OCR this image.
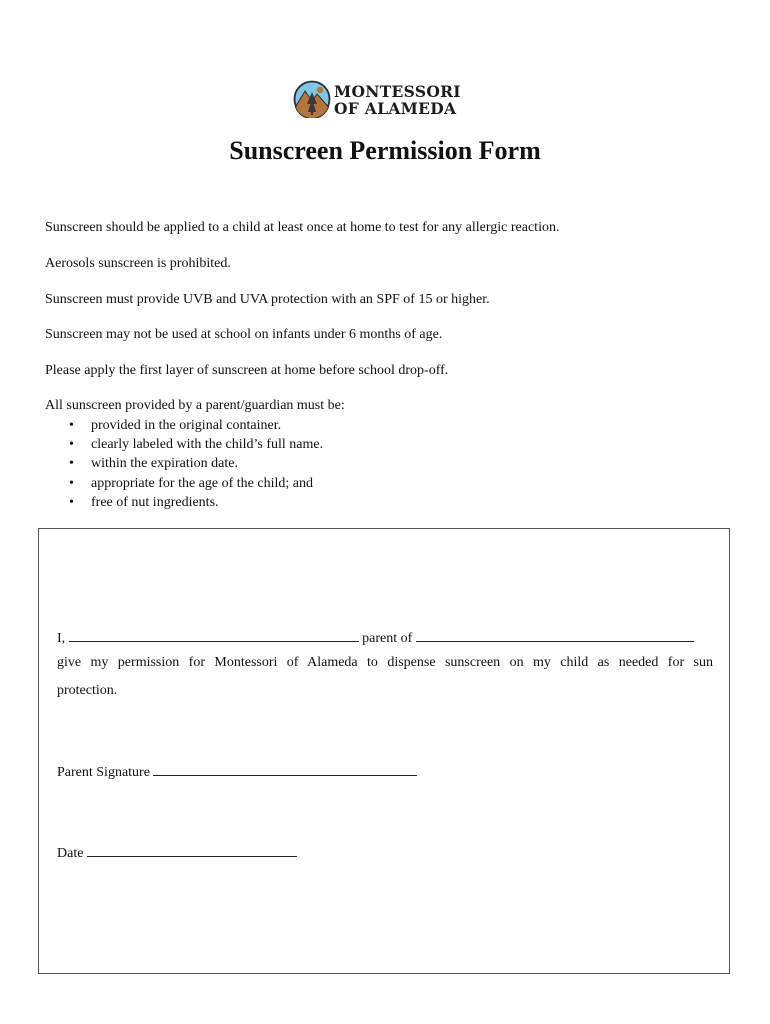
MONTESSORI
OF ALAMEDA
Sunscreen Permission Form
Sunscreen should be applied to a child at least once at home to test for any allergic reaction.
Aerosols sunscreen is prohibited.
Sunscreen must provide UVB and UVA protection with an SPF of 15 or higher.
Sunscreen may not be used at school on infants under 6 months of age.
Please apply the first layer of sunscreen at home before school drop-off.
All sunscreen provided by a parent/guardian must be:
• provided in the original container.
• clearly labeled with the child’s full name.
• within the expiration date.
• appropriate for the age of the child; and
• free of nut ingredients.
I,	parent of
give my permission for Montessori of Alameda to dispense sunscreen on my child as needed for sun
protection.
Parent Signature
Date
